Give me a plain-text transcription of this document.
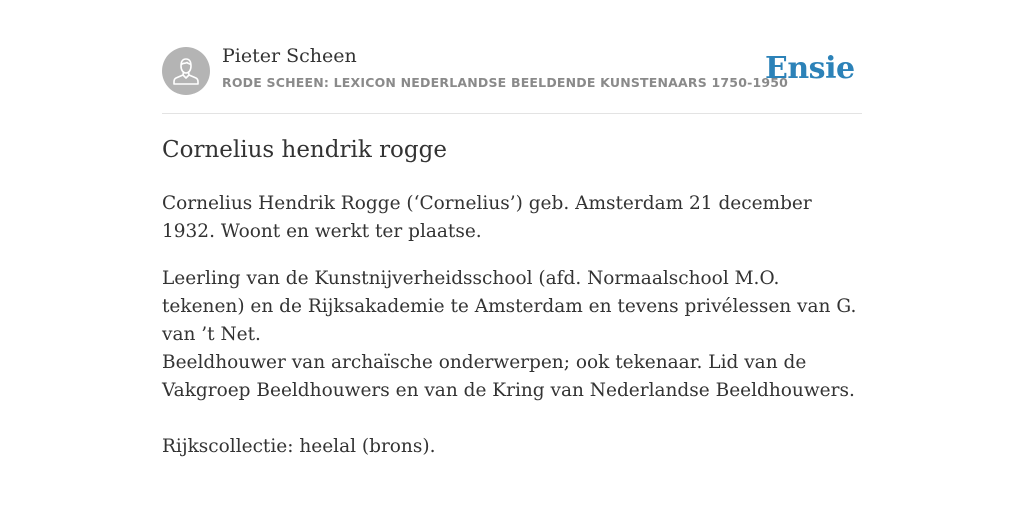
Pieter Scheen
RODE SCHEEN: LEXICON NEDERLANDSE BEELDENDE KUNSTENAARS 1750-1950
Ensie
Cornelius hendrik rogge

Cornelius Hendrik Rogge (‘Cornelius’) geb. Amsterdam 21 december 1932. Woont en werkt ter plaatse.

Leerling van de Kunstnijverheidsschool (afd. Normaalschool M.O. tekenen) en de Rijksakademie te Amsterdam en tevens privélessen van G. van ’t Net.

Beeldhouwer van archaïsche onderwerpen; ook tekenaar. Lid van de Vakgroep Beeldhouwers en van de Kring van Nederlandse Beeldhouwers.

Rijkscollectie: heelal (brons).
